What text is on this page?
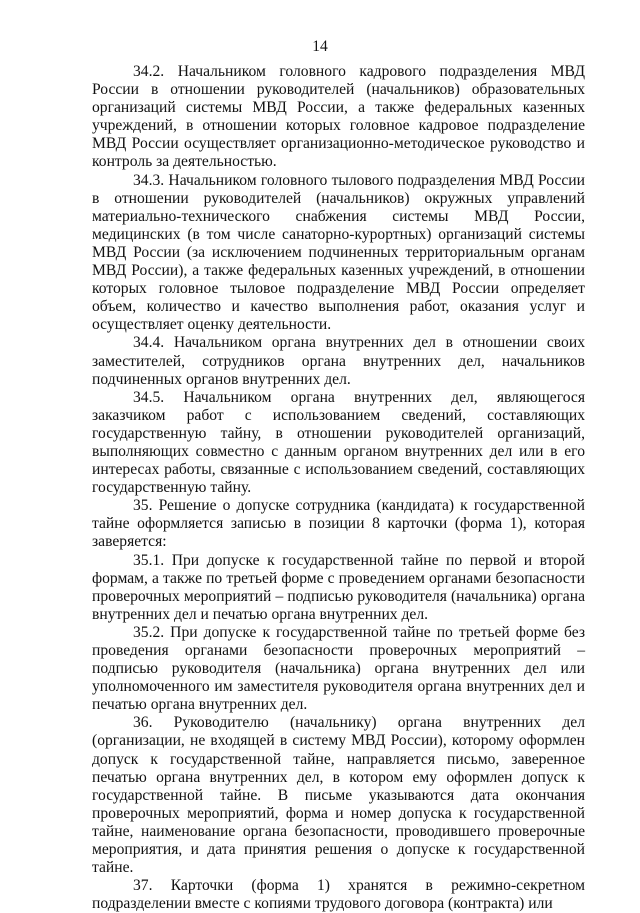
14

34.2. Начальником головного кадрового подразделения МВД России в отношении руководителей (начальников) образовательных организаций системы МВД России, а также федеральных казенных учреждений, в отношении которых головное кадровое подразделение МВД России осуществляет организационно-методическое руководство и контроль за деятельностью.

34.3. Начальником головного тылового подразделения МВД России в отношении руководителей (начальников) окружных управлений материально-технического снабжения системы МВД России, медицинских (в том числе санаторно-курортных) организаций системы МВД России (за исключением подчиненных территориальным органам МВД России), а также федеральных казенных учреждений, в отношении которых головное тыловое подразделение МВД России определяет объем, количество и качество выполнения работ, оказания услуг и осуществляет оценку деятельности.

34.4. Начальником органа внутренних дел в отношении своих заместителей, сотрудников органа внутренних дел, начальников подчиненных органов внутренних дел.

34.5. Начальником органа внутренних дел, являющегося заказчиком работ с использованием сведений, составляющих государственную тайну, в отношении руководителей организаций, выполняющих совместно с данным органом внутренних дел или в его интересах работы, связанные с использованием сведений, составляющих государственную тайну.

35. Решение о допуске сотрудника (кандидата) к государственной тайне оформляется записью в позиции 8 карточки (форма 1), которая заверяется:

35.1. При допуске к государственной тайне по первой и второй формам, а также по третьей форме с проведением органами безопасности проверочных мероприятий – подписью руководителя (начальника) органа внутренних дел и печатью органа внутренних дел.

35.2. При допуске к государственной тайне по третьей форме без проведения органами безопасности проверочных мероприятий – подписью руководителя (начальника) органа внутренних дел или уполномоченного им заместителя руководителя органа внутренних дел и печатью органа внутренних дел.

36. Руководителю (начальнику) органа внутренних дел (организации, не входящей в систему МВД России), которому оформлен допуск к государственной тайне, направляется письмо, заверенное печатью органа внутренних дел, в котором ему оформлен допуск к государственной тайне. В письме указываются дата окончания проверочных мероприятий, форма и номер допуска к государственной тайне, наименование органа безопасности, проводившего проверочные мероприятия, и дата принятия решения о допуске к государственной тайне.

37. Карточки (форма 1) хранятся в режимно-секретном подразделении вместе с копиями трудового договора (контракта) или
